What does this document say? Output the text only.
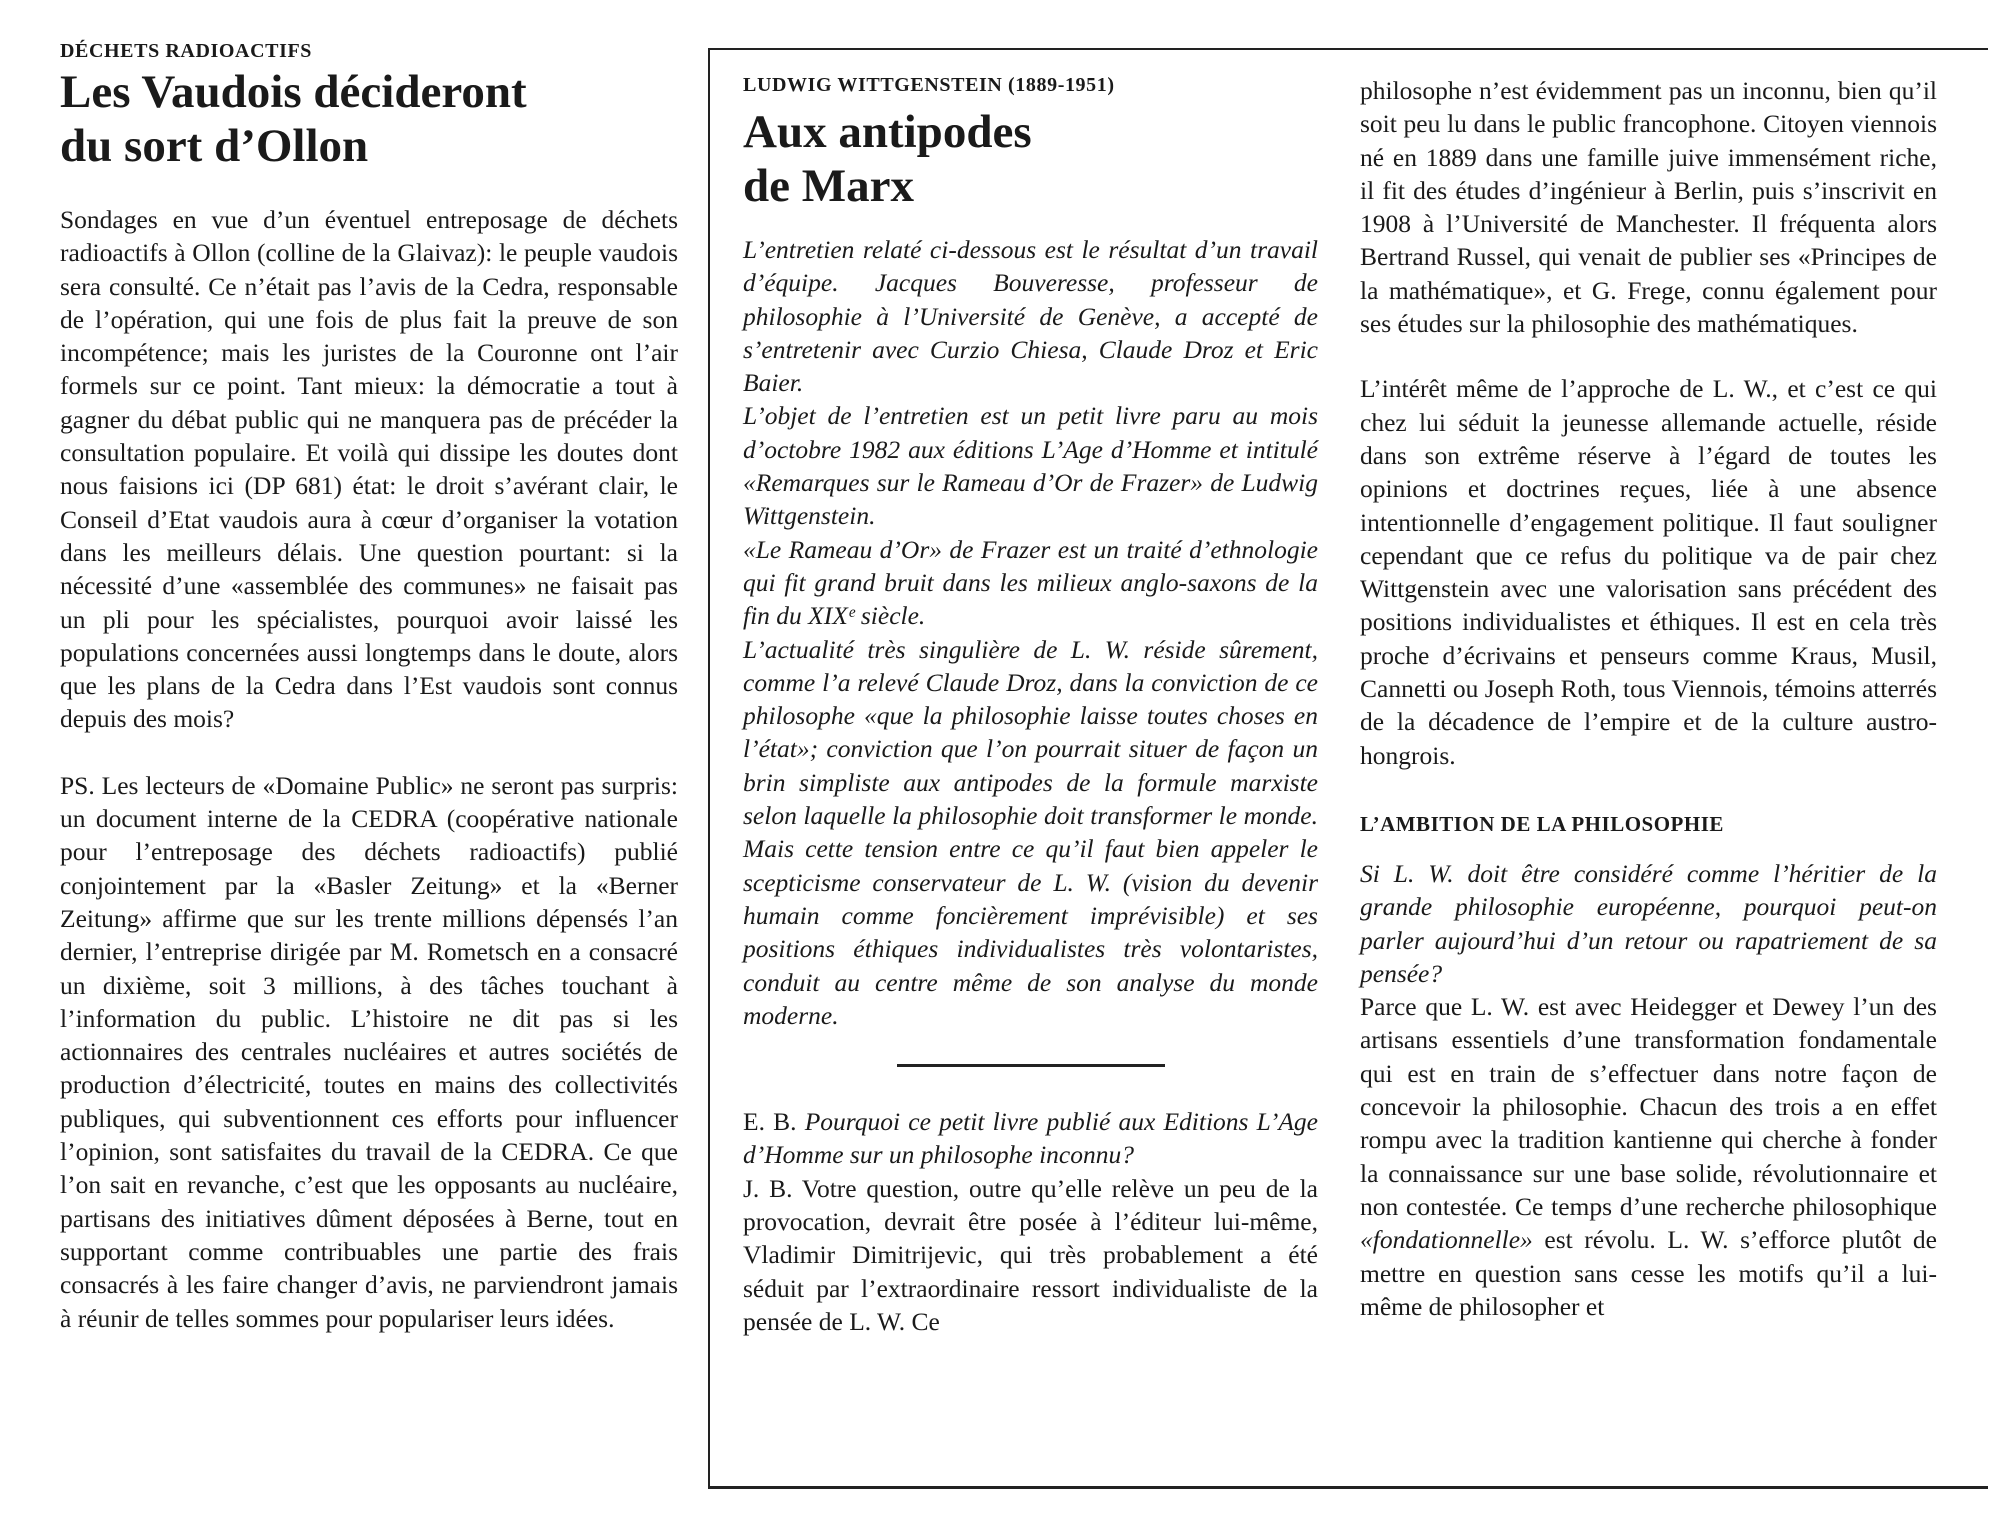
DÉCHETS RADIOACTIFS
Les Vaudois décideront
du sort d’Ollon

Sondages en vue d’un éventuel entreposage de déchets radioactifs à Ollon (colline de la Glaivaz): le peuple vaudois sera consulté. Ce n’était pas l’avis de la Cedra, responsable de l’opération, qui une fois de plus fait la preuve de son incompétence; mais les juristes de la Couronne ont l’air formels sur ce point. Tant mieux: la démocratie a tout à gagner du débat public qui ne manquera pas de précéder la consultation populaire. Et voilà qui dissipe les doutes dont nous faisions ici (DP 681) état: le droit s’avérant clair, le Conseil d’Etat vaudois aura à cœur d’organiser la votation dans les meilleurs délais. Une question pourtant: si la nécessité d’une «assemblée des communes» ne faisait pas un pli pour les spécialistes, pourquoi avoir laissé les populations concernées aussi longtemps dans le doute, alors que les plans de la Cedra dans l’Est vaudois sont connus depuis des mois?

PS. Les lecteurs de «Domaine Public» ne seront pas surpris: un document interne de la CEDRA (coopérative nationale pour l’entreposage des déchets radioactifs) publié conjointement par la «Basler Zeitung» et la «Berner Zeitung» affirme que sur les trente millions dépensés l’an dernier, l’entreprise dirigée par M. Rometsch en a consacré un dixième, soit 3 millions, à des tâches touchant à l’information du public. L’histoire ne dit pas si les actionnaires des centrales nucléaires et autres sociétés de production d’électricité, toutes en mains des collectivités publiques, qui subventionnent ces efforts pour influencer l’opinion, sont satisfaites du travail de la CEDRA. Ce que l’on sait en revanche, c’est que les opposants au nucléaire, partisans des initiatives dûment déposées à Berne, tout en supportant comme contribuables une partie des frais consacrés à les faire changer d’avis, ne parviendront jamais à réunir de telles sommes pour populariser leurs idées.

LUDWIG WITTGENSTEIN (1889-1951)
Aux antipodes
de Marx

L’entretien relaté ci-dessous est le résultat d’un travail d’équipe. Jacques Bouveresse, professeur de philosophie à l’Université de Genève, a accepté de s’entretenir avec Curzio Chiesa, Claude Droz et Eric Baier.

L’objet de l’entretien est un petit livre paru au mois d’octobre 1982 aux éditions L’Age d’Homme et intitulé «Remarques sur le Rameau d’Or de Frazer» de Ludwig Wittgenstein.

«Le Rameau d’Or» de Frazer est un traité d’ethnologie qui fit grand bruit dans les milieux anglo-saxons de la fin du XIXᵉ siècle.

L’actualité très singulière de L. W. réside sûrement, comme l’a relevé Claude Droz, dans la conviction de ce philosophe «que la philosophie laisse toutes choses en l’état»; conviction que l’on pourrait situer de façon un brin simpliste aux antipodes de la formule marxiste selon laquelle la philosophie doit transformer le monde. Mais cette tension entre ce qu’il faut bien appeler le scepticisme conservateur de L. W. (vision du devenir humain comme foncièrement imprévisible) et ses positions éthiques individualistes très volontaristes, conduit au centre même de son analyse du monde moderne.

E. B. Pourquoi ce petit livre publié aux Editions L’Age d’Homme sur un philosophe inconnu?

J. B. Votre question, outre qu’elle relève un peu de la provocation, devrait être posée à l’éditeur lui-même, Vladimir Dimitrijevic, qui très probablement a été séduit par l’extraordinaire ressort individualiste de la pensée de L. W. Ce

philosophe n’est évidemment pas un inconnu, bien qu’il soit peu lu dans le public francophone. Citoyen viennois né en 1889 dans une famille juive immensément riche, il fit des études d’ingénieur à Berlin, puis s’inscrivit en 1908 à l’Université de Manchester. Il fréquenta alors Bertrand Russel, qui venait de publier ses «Principes de la mathématique», et G. Frege, connu également pour ses études sur la philosophie des mathématiques.

L’intérêt même de l’approche de L. W., et c’est ce qui chez lui séduit la jeunesse allemande actuelle, réside dans son extrême réserve à l’égard de toutes les opinions et doctrines reçues, liée à une absence intentionnelle d’engagement politique. Il faut souligner cependant que ce refus du politique va de pair chez Wittgenstein avec une valorisation sans précédent des positions individualistes et éthiques. Il est en cela très proche d’écrivains et penseurs comme Kraus, Musil, Cannetti ou Joseph Roth, tous Viennois, témoins atterrés de la décadence de l’empire et de la culture austro-hongrois.

L’AMBITION DE LA PHILOSOPHIE

Si L. W. doit être considéré comme l’héritier de la grande philosophie européenne, pourquoi peut-on parler aujourd’hui d’un retour ou rapatriement de sa pensée?

Parce que L. W. est avec Heidegger et Dewey l’un des artisans essentiels d’une transformation fondamentale qui est en train de s’effectuer dans notre façon de concevoir la philosophie. Chacun des trois a en effet rompu avec la tradition kantienne qui cherche à fonder la connaissance sur une base solide, révolutionnaire et non contestée. Ce temps d’une recherche philosophique «fondationnelle» est révolu. L. W. s’efforce plutôt de mettre en question sans cesse les motifs qu’il a lui-même de philosopher et
